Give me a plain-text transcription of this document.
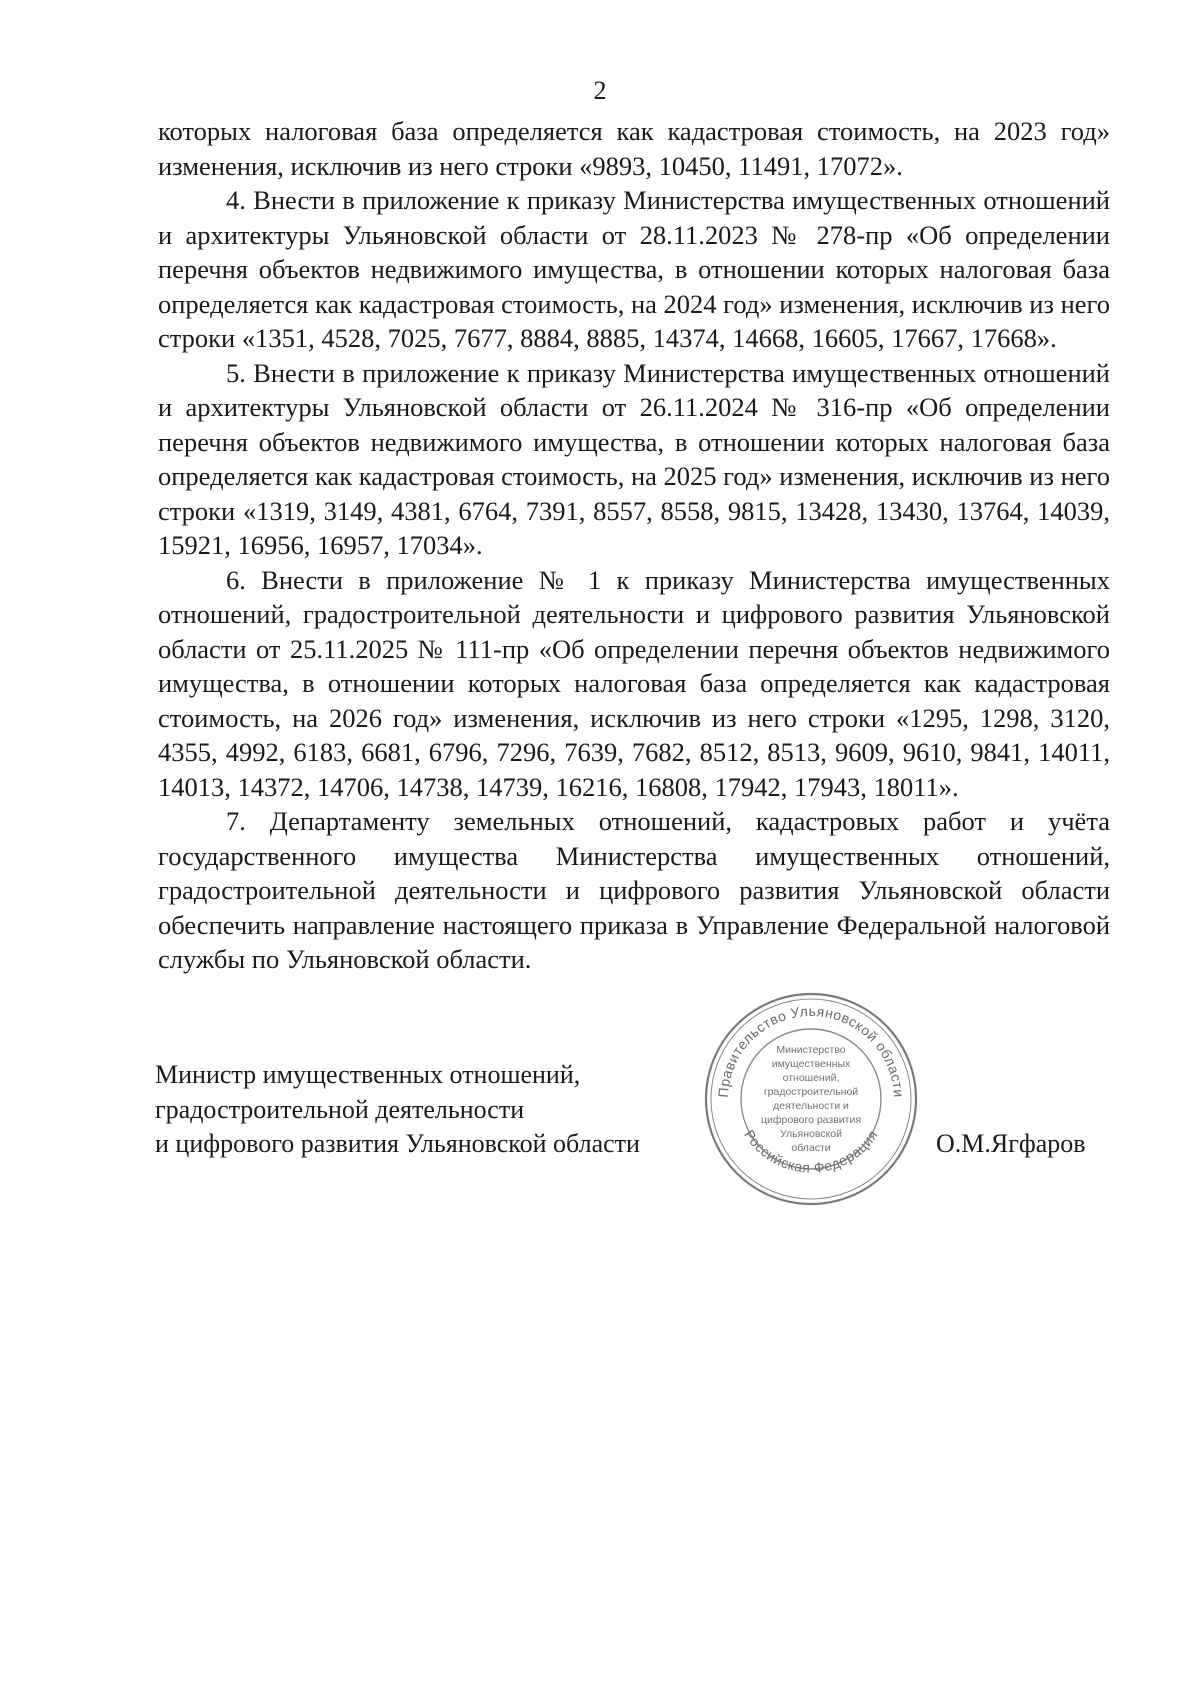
2

которых налоговая база определяется как кадастровая стоимость, на 2023 год» изменения, исключив из него строки «9893, 10450, 11491, 17072».

4. Внести в приложение к приказу Министерства имущественных отношений и архитектуры Ульяновской области от 28.11.2023 № 278-пр «Об определении перечня объектов недвижимого имущества, в отношении которых налоговая база определяется как кадастровая стоимость, на 2024 год» изменения, исключив из него строки «1351, 4528, 7025, 7677, 8884, 8885, 14374, 14668, 16605, 17667, 17668».

5. Внести в приложение к приказу Министерства имущественных отношений и архитектуры Ульяновской области от 26.11.2024 № 316-пр «Об определении перечня объектов недвижимого имущества, в отношении которых налоговая база определяется как кадастровая стоимость, на 2025 год» изменения, исключив из него строки «1319, 3149, 4381, 6764, 7391, 8557, 8558, 9815, 13428, 13430, 13764, 14039, 15921, 16956, 16957, 17034».

6. Внести в приложение № 1 к приказу Министерства имущественных отношений, градостроительной деятельности и цифрового развития Ульяновской области от 25.11.2025 № 111-пр «Об определении перечня объектов недвижимого имущества, в отношении которых налоговая база определяется как кадастровая стоимость, на 2026 год» изменения, исключив из него строки «1295, 1298, 3120, 4355, 4992, 6183, 6681, 6796, 7296, 7639, 7682, 8512, 8513, 9609, 9610, 9841, 14011, 14013, 14372, 14706, 14738, 14739, 16216, 16808, 17942, 17943, 18011».

7. Департаменту земельных отношений, кадастровых работ и учёта государственного имущества Министерства имущественных отношений, градостроительной деятельности и цифрового развития Ульяновской области обеспечить направление настоящего приказа в Управление Федеральной налоговой службы по Ульяновской области.

Министр имущественных отношений,
градостроительной деятельности
и цифрового развития Ульяновской области
Правительство Ульяновской области
Российская Федерация
Министерство
имущественных
отношений,
градостроительной
деятельности и
цифрового развития
Ульяновской
области	О.М.Ягфаров
